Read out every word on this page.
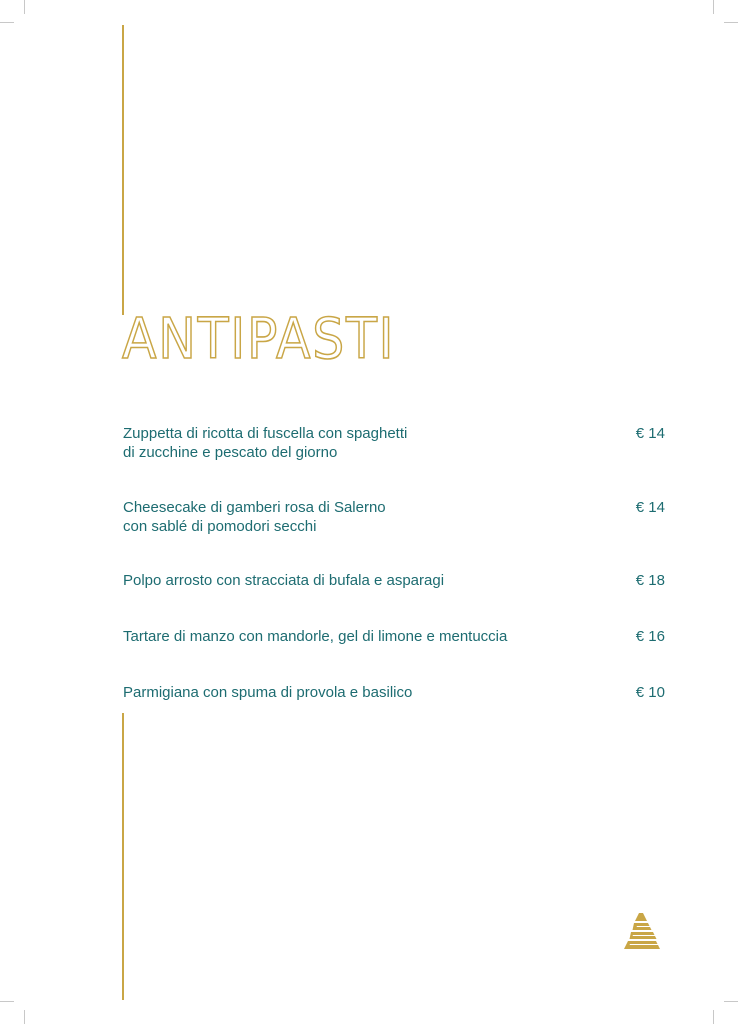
ANTIPASTI
Zuppetta di ricotta di fuscella con spaghetti
di zucchine e pescato del giorno
€ 14
Cheesecake di gamberi rosa di Salerno
con sablé di pomodori secchi
€ 14
Polpo arrosto con stracciata di bufala e asparagi	€ 18
Tartare di manzo con mandorle, gel di limone e mentuccia	€ 16
Parmigiana con spuma di provola e basilico	€ 10
